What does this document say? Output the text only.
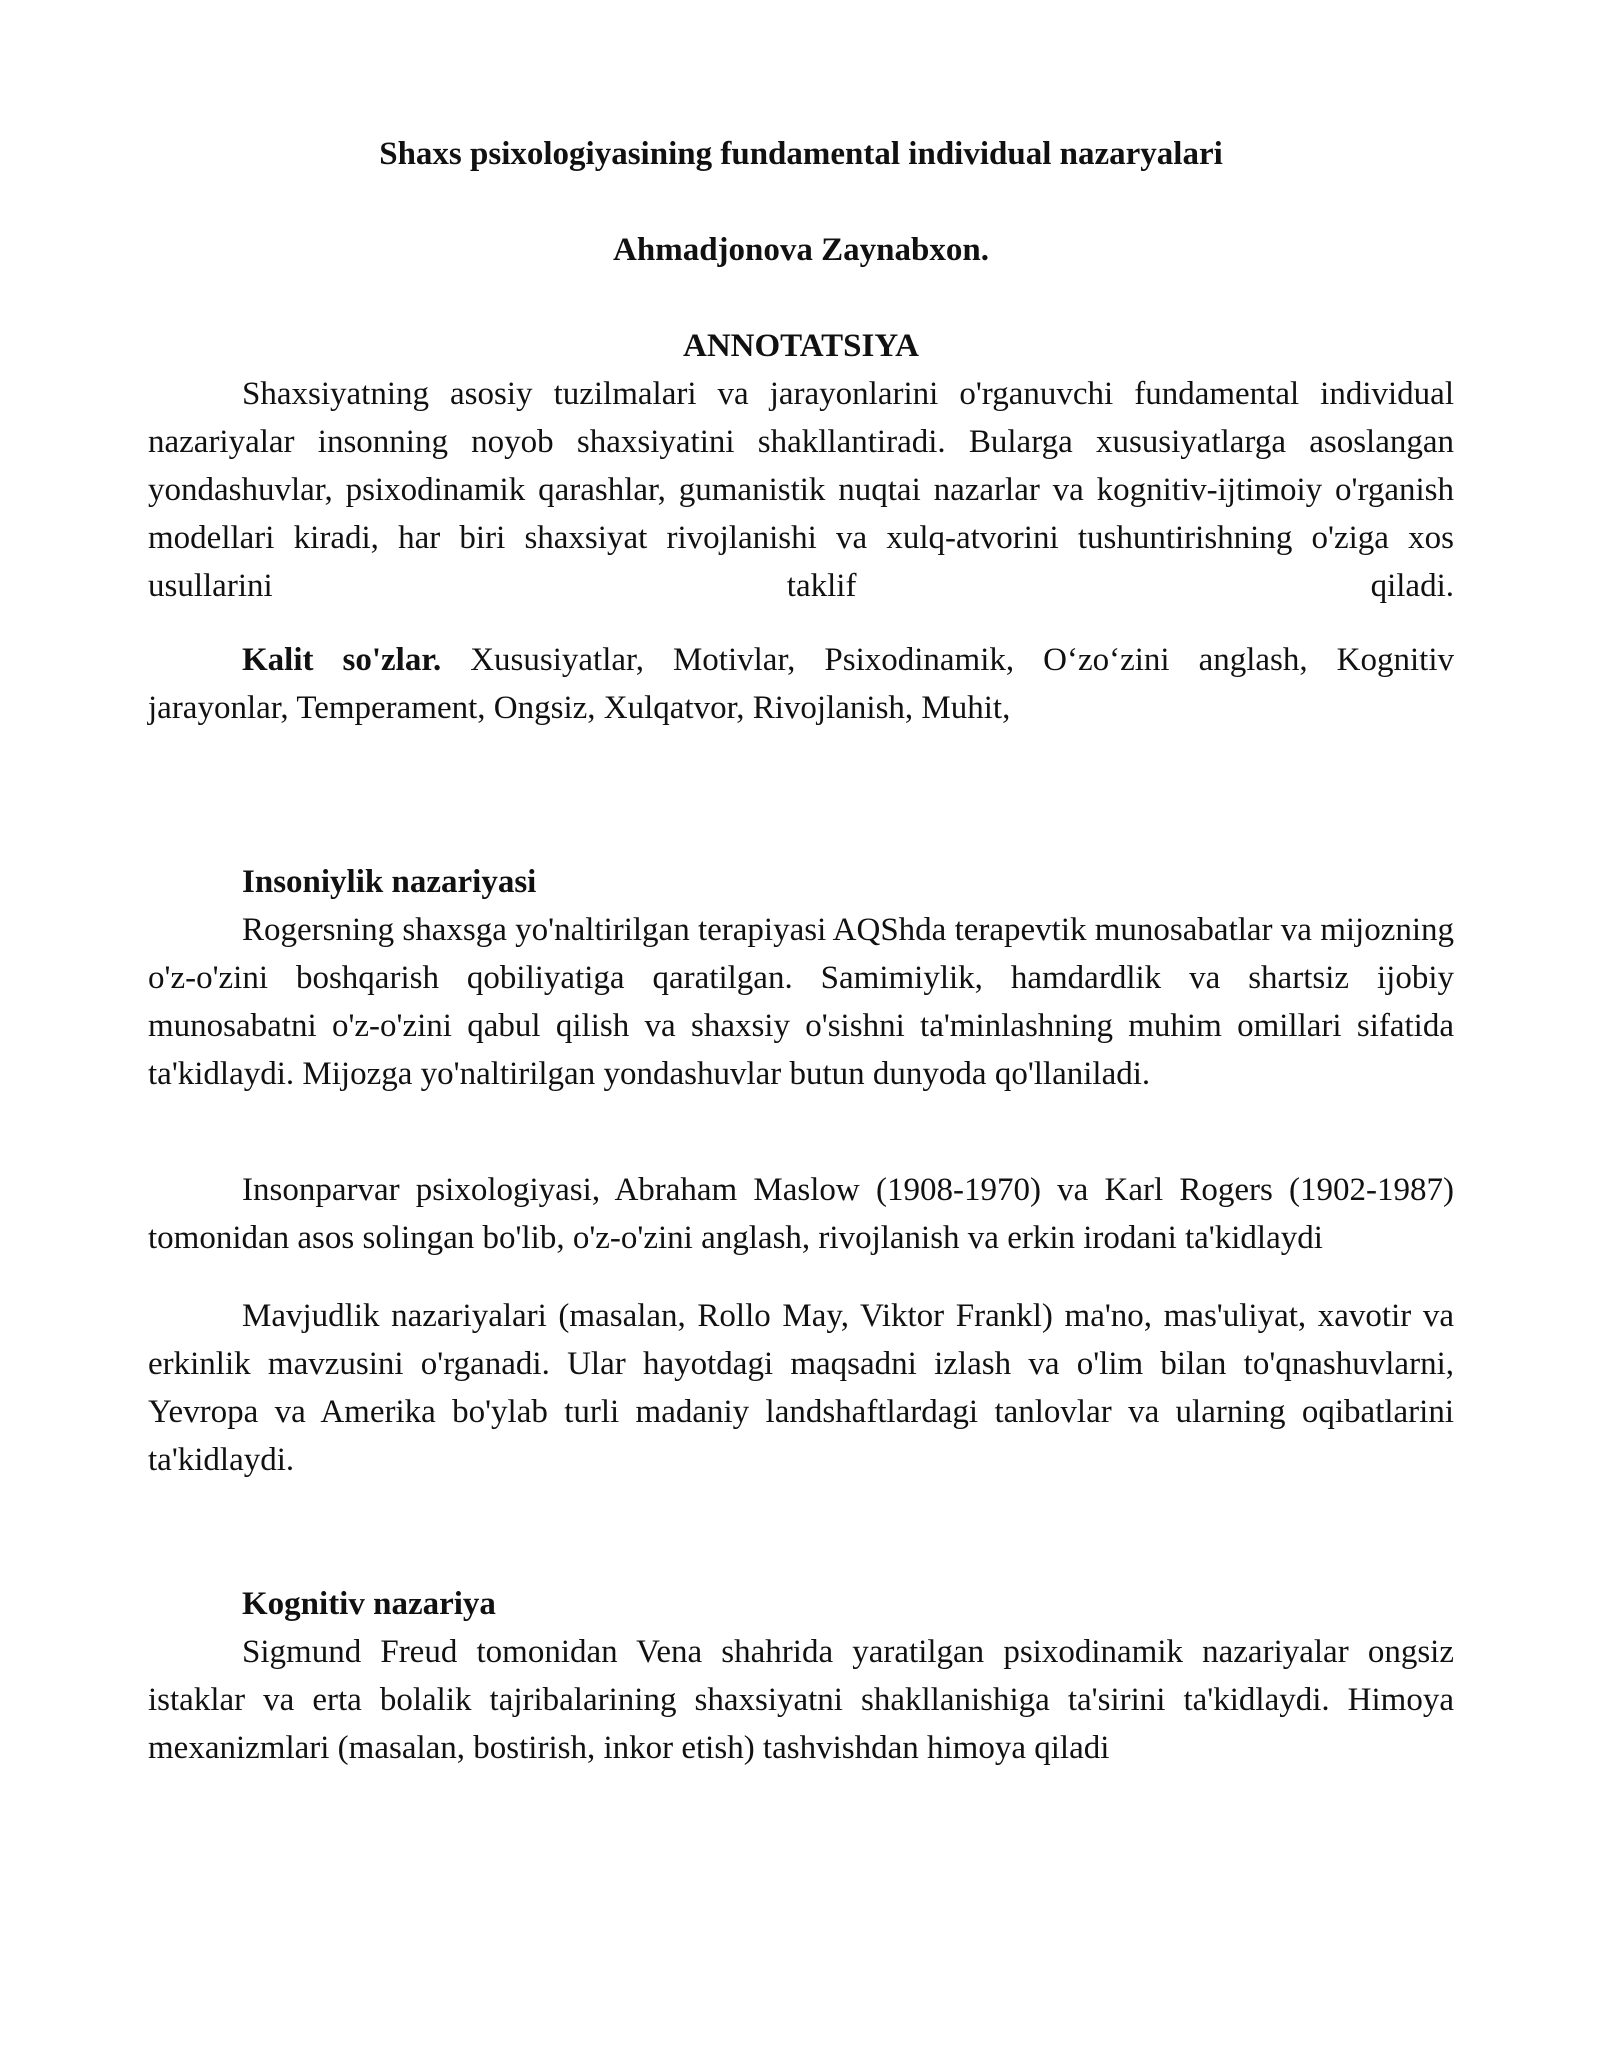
Shaxs psixologiyasining fundamental individual nazaryalari

Ahmadjonova Zaynabxon.

ANNOTATSIYA

Shaxsiyatning asosiy tuzilmalari va jarayonlarini o'rganuvchi fundamental individual nazariyalar insonning noyob shaxsiyatini shakllantiradi. Bularga xususiyatlarga asoslangan yondashuvlar, psixodinamik qarashlar, gumanistik nuqtai nazarlar va kognitiv-ijtimoiy o'rganish modellari kiradi, har biri shaxsiyat rivojlanishi va xulq-atvorini tushuntirishning o'ziga xos usullarini taklif qiladi.

Kalit so'zlar. Xususiyatlar, Motivlar, Psixodinamik, O‘zo‘zini anglash, Kognitiv jarayonlar, Temperament, Ongsiz, Xulqatvor, Rivojlanish, Muhit,

Insoniylik nazariyasi

Rogersning shaxsga yo'naltirilgan terapiyasi AQShda terapevtik munosabatlar va mijozning o'z-o'zini boshqarish qobiliyatiga qaratilgan. Samimiylik, hamdardlik va shartsiz ijobiy munosabatni o'z-o'zini qabul qilish va shaxsiy o'sishni ta'minlashning muhim omillari sifatida ta'kidlaydi. Mijozga yo'naltirilgan yondashuvlar butun dunyoda qo'llaniladi.

Insonparvar psixologiyasi, Abraham Maslow (1908-1970) va Karl Rogers (1902-1987) tomonidan asos solingan bo'lib, o'z-o'zini anglash, rivojlanish va erkin irodani ta'kidlaydi

Mavjudlik nazariyalari (masalan, Rollo May, Viktor Frankl) ma'no, mas'uliyat, xavotir va erkinlik mavzusini o'rganadi. Ular hayotdagi maqsadni izlash va o'lim bilan to'qnashuvlarni, Yevropa va Amerika bo'ylab turli madaniy landshaftlardagi tanlovlar va ularning oqibatlarini ta'kidlaydi.

Kognitiv nazariya

Sigmund Freud tomonidan Vena shahrida yaratilgan psixodinamik nazariyalar ongsiz istaklar va erta bolalik tajribalarining shaxsiyatni shakllanishiga ta'sirini ta'kidlaydi. Himoya mexanizmlari (masalan, bostirish, inkor etish) tashvishdan himoya qiladi
